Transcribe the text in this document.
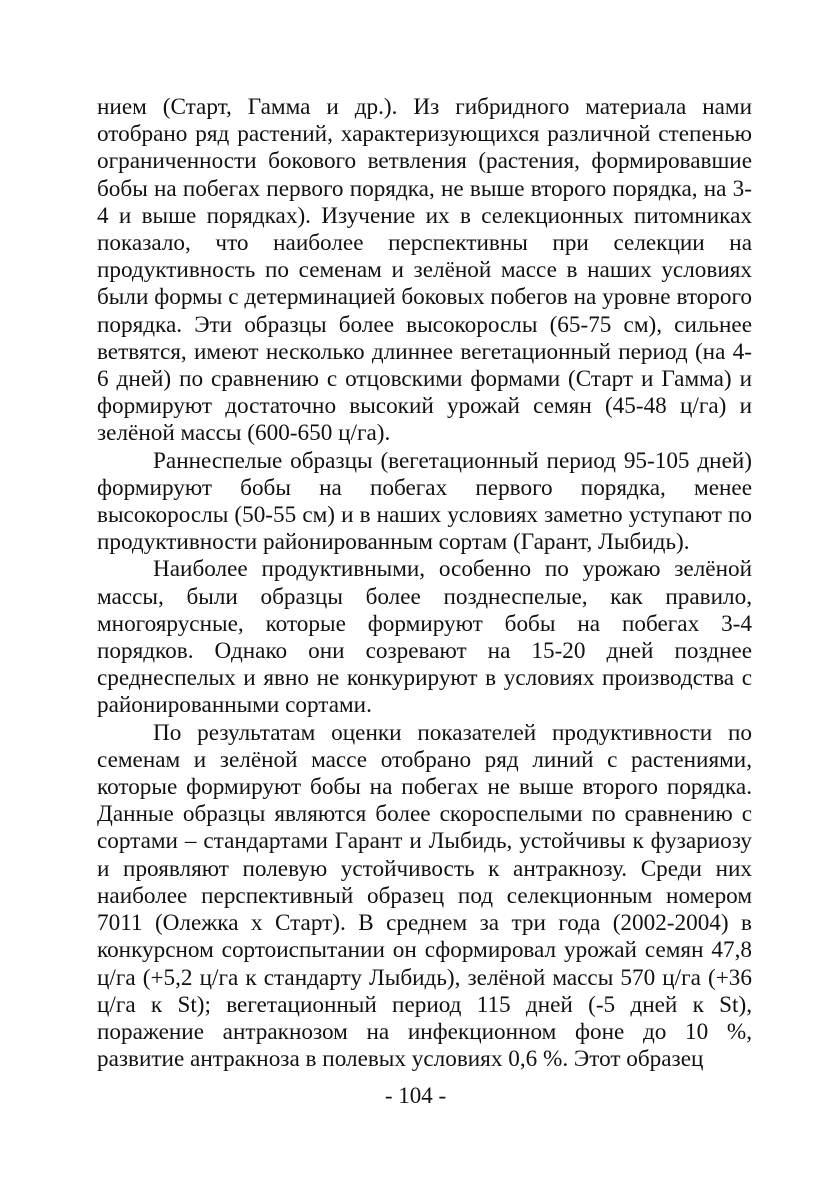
нием (Старт, Гамма и др.). Из гибридного материала нами отобрано ряд растений, характеризующихся различной степенью ограниченности бокового ветвления (растения, формировавшие бобы на побегах первого порядка, не выше второго порядка, на 3-4 и выше порядках). Изучение их в селекционных питомниках показало, что наиболее перспективны при селекции на продуктивность по семенам и зелёной массе в наших условиях были формы с детерминацией боковых побегов на уровне второго порядка. Эти образцы более высокорослы (65-75 см), сильнее ветвятся, имеют несколько длиннее вегетационный период (на 4-6 дней) по сравнению с отцовскими формами (Старт и Гамма) и формируют достаточно высокий урожай семян (45-48 ц/га) и зелёной массы (600-650 ц/га).

Раннеспелые образцы (вегетационный период 95-105 дней) формируют бобы на побегах первого порядка, менее высокорослы (50-55 см) и в наших условиях заметно уступают по продуктивности районированным сортам (Гарант, Лыбидь).

Наиболее продуктивными, особенно по урожаю зелёной массы, были образцы более позднеспелые, как правило, многоярусные, которые формируют бобы на побегах 3-4 порядков. Однако они созревают на 15-20 дней позднее среднеспелых и явно не конкурируют в условиях производства с районированными сортами.

По результатам оценки показателей продуктивности по семенам и зелёной массе отобрано ряд линий с растениями, которые формируют бобы на побегах не выше второго порядка. Данные образцы являются более скороспелыми по сравнению с сортами – стандартами Гарант и Лыбидь, устойчивы к фузариозу и проявляют полевую устойчивость к антракнозу. Среди них наиболее перспективный образец под селекционным номером 7011 (Олежка х Старт). В среднем за три года (2002-2004) в конкурсном сортоиспытании он сформировал урожай семян 47,8 ц/га (+5,2 ц/га к стандарту Лыбидь), зелёной массы 570 ц/га (+36 ц/га к St); вегетационный период 115 дней (-5 дней к St), поражение антракнозом на инфекционном фоне до 10 %, развитие антракноза в полевых условиях 0,6 %. Этот образец

- 104 -
